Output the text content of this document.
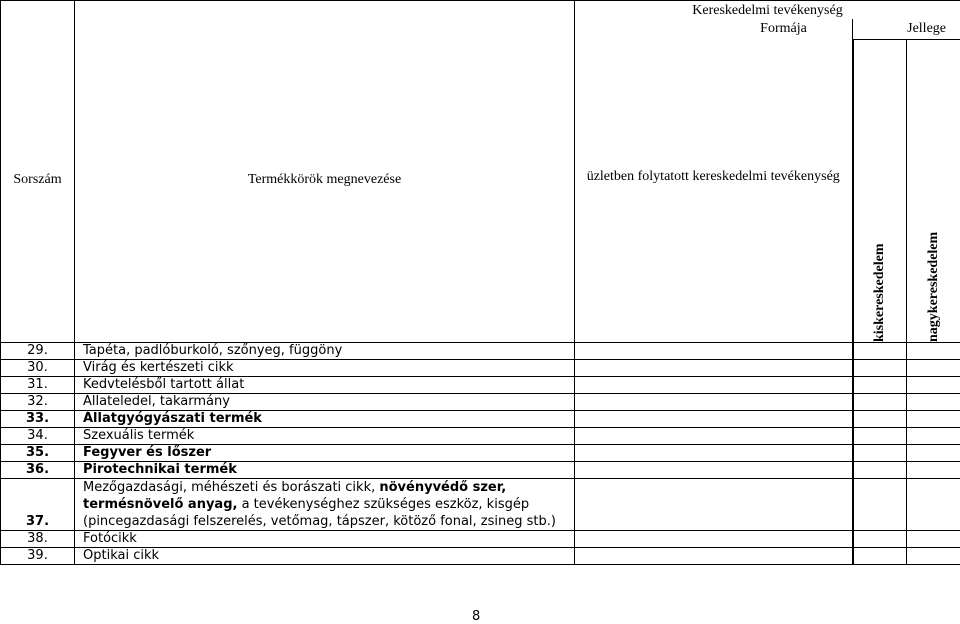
Sorszám	Termékkörök megnevezése	Kereskedelmi tevékenység		

		Formája	Jellege	

		üzletben folytatott kereskedelmi tevékenység	kiskereskedelem	nagykereskedelem

29.	Tapéta, padlóburkoló, szőnyeg, függöny			
30.	Virág és kertészeti cikk			
31.	Kedvtelésből tartott állat			
32.	Állateledel, takarmány			
33.	Állatgyógyászati termék			
34.	Szexuális termék			
35.	Fegyver és lőszer			
36.	Pirotechnikai termék			
37.	Mezőgazdasági, méhészeti és borászati cikk, növényvédő szer, termésnövelő anyag, a tevékenységhez szükséges eszköz, kisgép (pincegazdasági felszerelés, vetőmag, tápszer, kötöző fonal, zsineg stb.)			
38.	Fotócikk			
39.	Optikai cikk			
8
